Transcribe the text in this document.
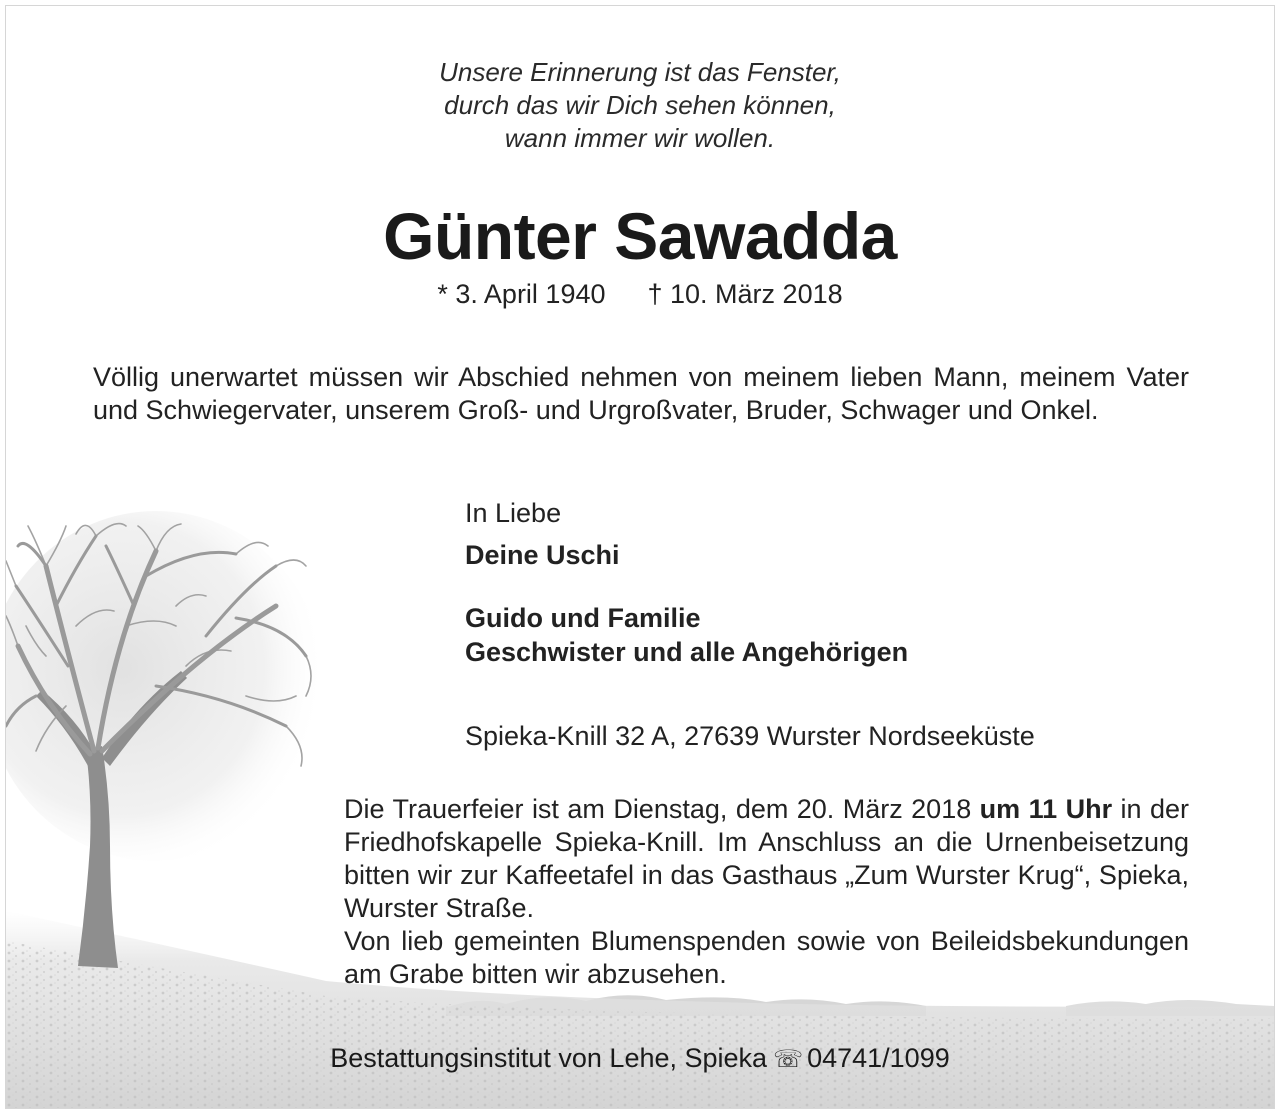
Unsere Erinnerung ist das Fenster,
durch das wir Dich sehen können,
wann immer wir wollen.
Günter Sawadda
* 3. April 1940 † 10. März 2018
Völlig unerwartet müssen wir Abschied nehmen von meinem lieben Mann, meinem Vater und Schwiegervater, unserem Groß- und Urgroßvater, Bruder, Schwager und Onkel.
In Liebe
Deine Uschi
Guido und Familie
Geschwister und alle Angehörigen
Spieka-Knill 32 A, 27639 Wurster Nordseeküste

Die Trauerfeier ist am Dienstag, dem 20. März 2018 um 11 Uhr in der Friedhofskapelle Spieka-Knill. Im Anschluss an die Urnenbeisetzung bitten wir zur Kaffeetafel in das Gasthaus „Zum Wurster Krug“, Spieka, Wurster Straße.

Von lieb gemeinten Blumenspenden sowie von Beileidsbekundungen am Grabe bitten wir abzusehen.

Bestattungsinstitut von Lehe, Spieka ☏ 04741/1099
